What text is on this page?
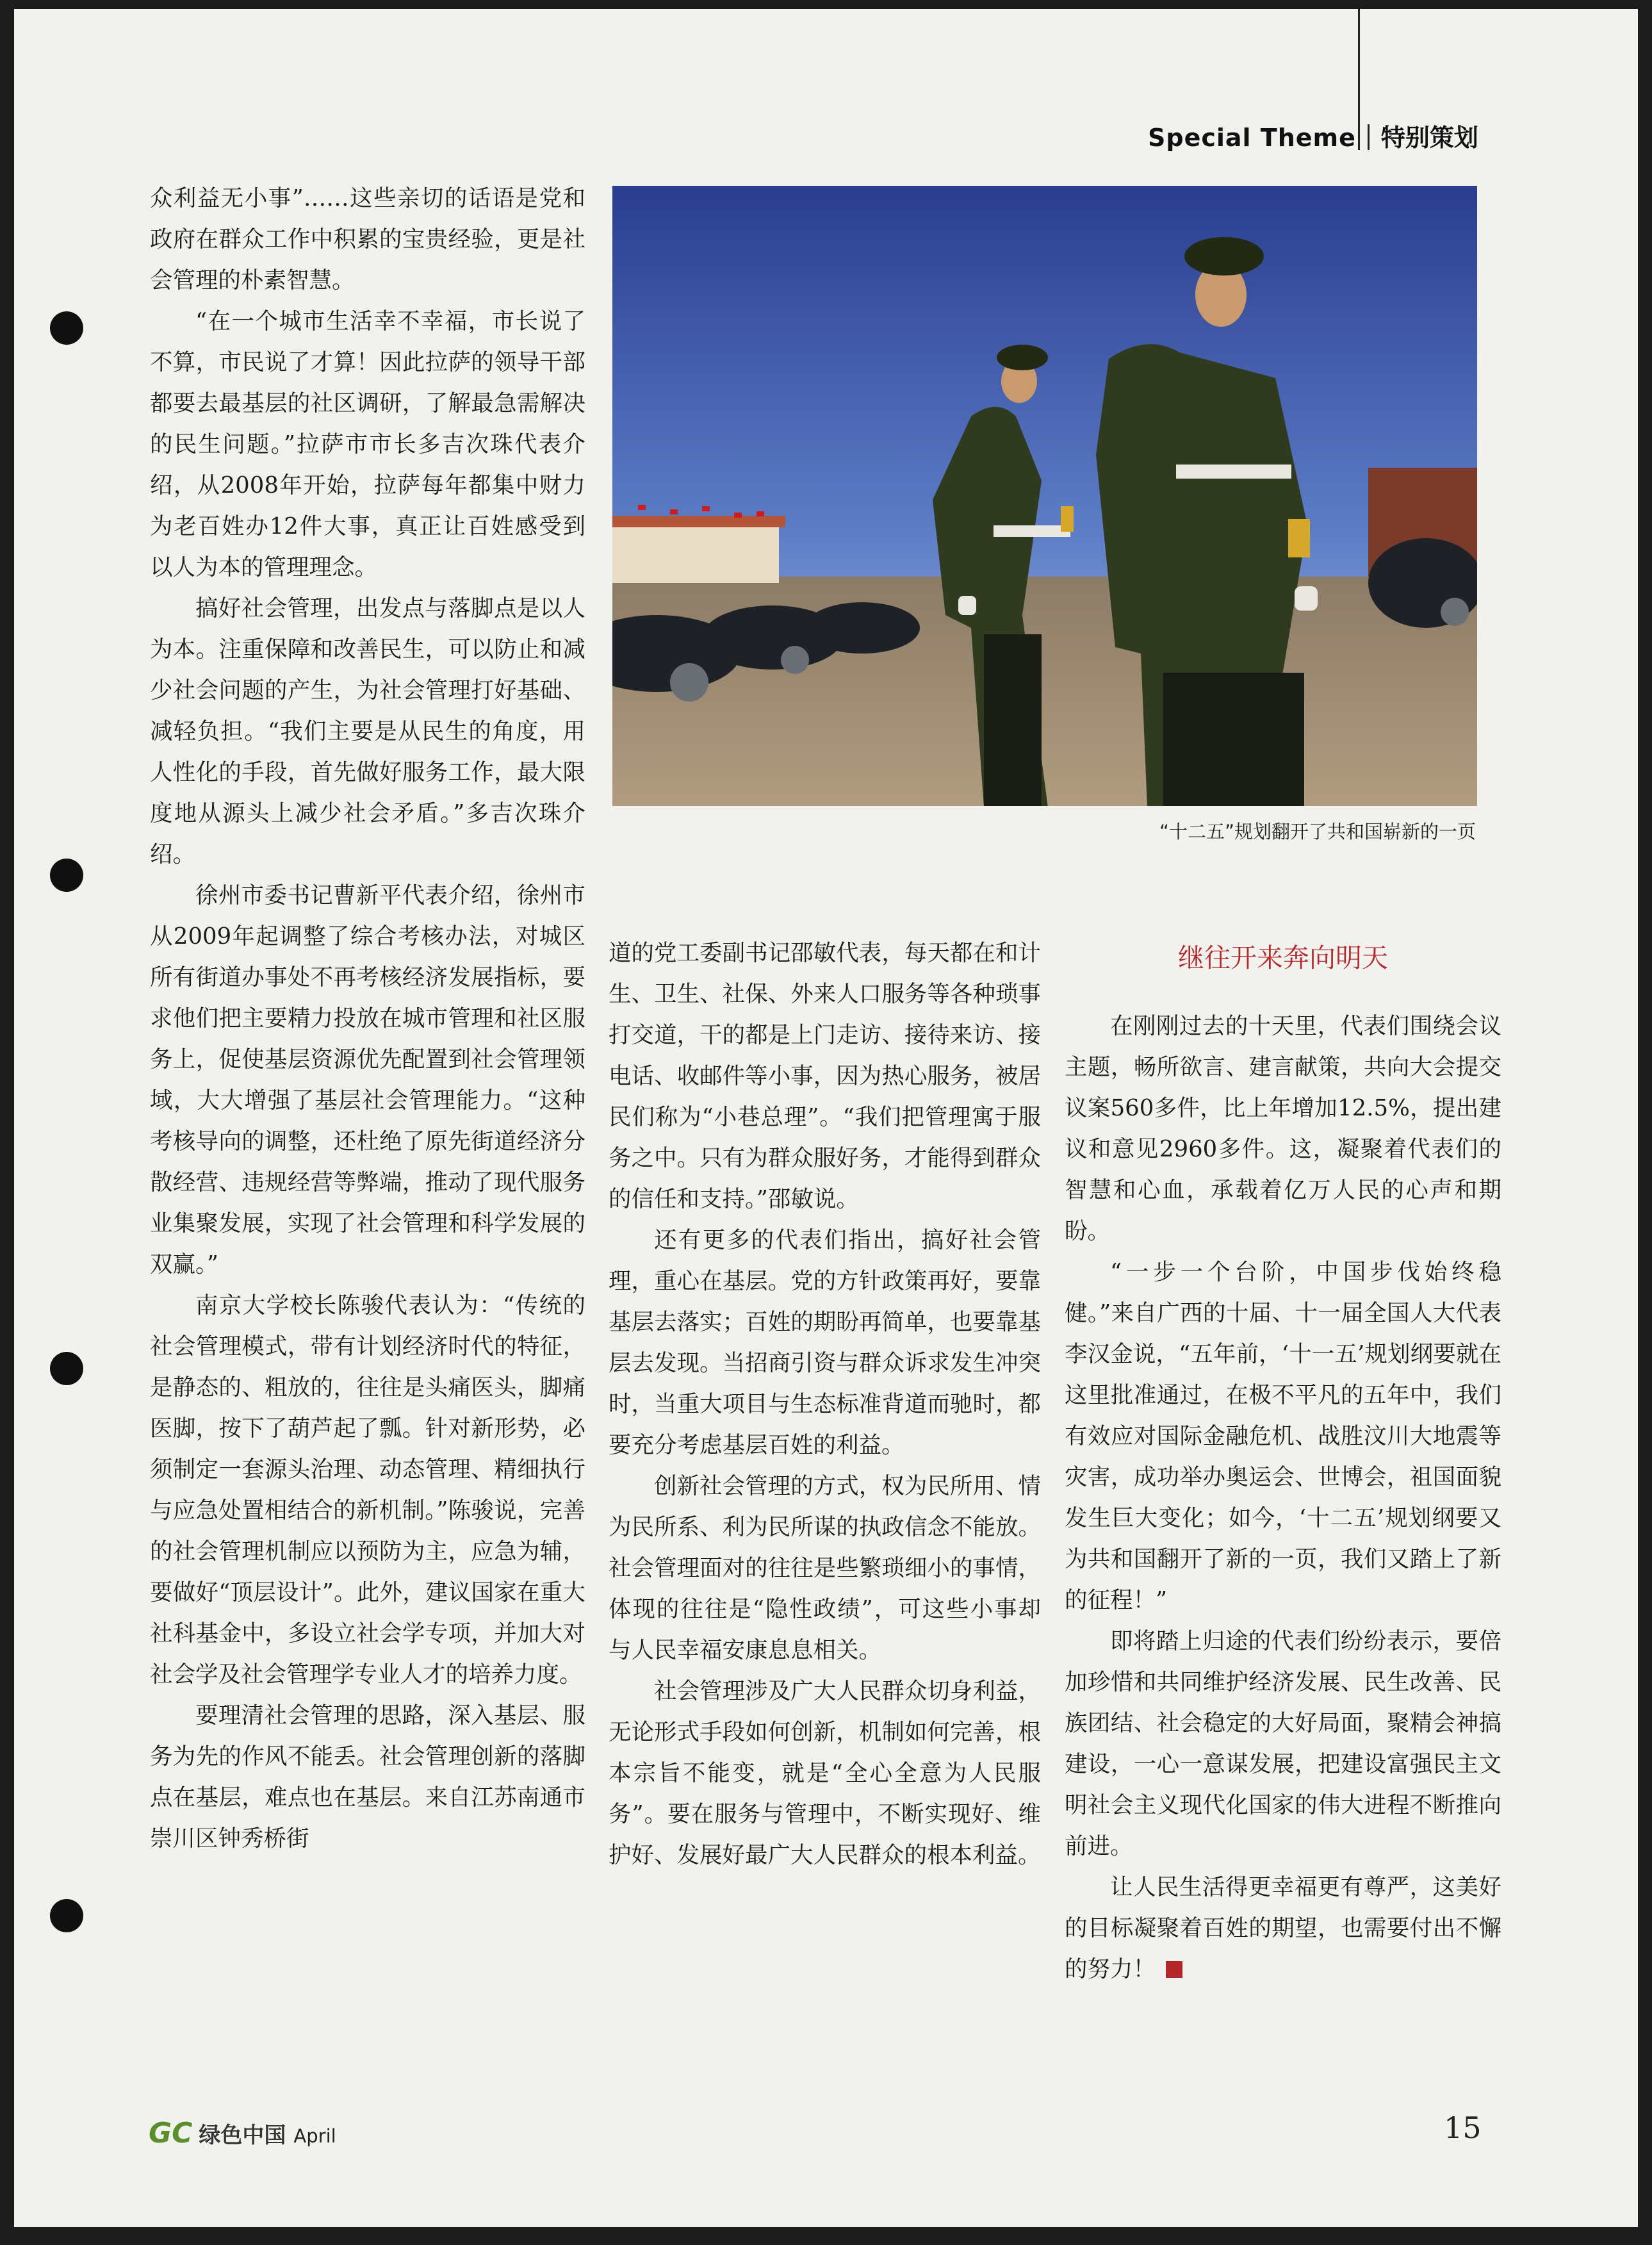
Special Theme 特别策划

众利益无小事”……这些亲切的话语是党和政府在群众工作中积累的宝贵经验，更是社会管理的朴素智慧。

“在一个城市生活幸不幸福，市长说了不算，市民说了才算！因此拉萨的领导干部都要去最基层的社区调研，了解最急需解决的民生问题。”拉萨市市长多吉次珠代表介绍，从2008年开始，拉萨每年都集中财力为老百姓办12件大事，真正让百姓感受到以人为本的管理理念。

搞好社会管理，出发点与落脚点是以人为本。注重保障和改善民生，可以防止和减少社会问题的产生，为社会管理打好基础、减轻负担。“我们主要是从民生的角度，用人性化的手段，首先做好服务工作，最大限度地从源头上减少社会矛盾。”多吉次珠介绍。

徐州市委书记曹新平代表介绍，徐州市从2009年起调整了综合考核办法，对城区所有街道办事处不再考核经济发展指标，要求他们把主要精力投放在城市管理和社区服务上，促使基层资源优先配置到社会管理领域，大大增强了基层社会管理能力。“这种考核导向的调整，还杜绝了原先街道经济分散经营、违规经营等弊端，推动了现代服务业集聚发展，实现了社会管理和科学发展的双赢。”

南京大学校长陈骏代表认为：“传统的社会管理模式，带有计划经济时代的特征，是静态的、粗放的，往往是头痛医头，脚痛医脚，按下了葫芦起了瓢。针对新形势，必须制定一套源头治理、动态管理、精细执行与应急处置相结合的新机制。”陈骏说，完善的社会管理机制应以预防为主，应急为辅，要做好“顶层设计”。此外，建议国家在重大社科基金中，多设立社会学专项，并加大对社会学及社会管理学专业人才的培养力度。

要理清社会管理的思路，深入基层、服务为先的作风不能丢。社会管理创新的落脚点在基层，难点也在基层。来自江苏南通市崇川区钟秀桥街

“十二五”规划翻开了共和国崭新的一页

道的党工委副书记邵敏代表，每天都在和计生、卫生、社保、外来人口服务等各种琐事打交道，干的都是上门走访、接待来访、接电话、收邮件等小事，因为热心服务，被居民们称为“小巷总理”。“我们把管理寓于服务之中。只有为群众服好务，才能得到群众的信任和支持。”邵敏说。

还有更多的代表们指出，搞好社会管理，重心在基层。党的方针政策再好，要靠基层去落实；百姓的期盼再简单，也要靠基层去发现。当招商引资与群众诉求发生冲突时，当重大项目与生态标准背道而驰时，都要充分考虑基层百姓的利益。

创新社会管理的方式，权为民所用、情为民所系、利为民所谋的执政信念不能放。社会管理面对的往往是些繁琐细小的事情，体现的往往是“隐性政绩”，可这些小事却与人民幸福安康息息相关。

社会管理涉及广大人民群众切身利益，无论形式手段如何创新，机制如何完善，根本宗旨不能变，就是“全心全意为人民服务”。要在服务与管理中，不断实现好、维护好、发展好最广大人民群众的根本利益。

继往开来奔向明天

在刚刚过去的十天里，代表们围绕会议主题，畅所欲言、建言献策，共向大会提交议案560多件，比上年增加12.5%，提出建议和意见2960多件。这，凝聚着代表们的智慧和心血，承载着亿万人民的心声和期盼。

“一步一个台阶，中国步伐始终稳健。”来自广西的十届、十一届全国人大代表李汉金说，“五年前，‘十一五’规划纲要就在这里批准通过，在极不平凡的五年中，我们有效应对国际金融危机、战胜汶川大地震等灾害，成功举办奥运会、世博会，祖国面貌发生巨大变化；如今，‘十二五’规划纲要又为共和国翻开了新的一页，我们又踏上了新的征程！”

即将踏上归途的代表们纷纷表示，要倍加珍惜和共同维护经济发展、民生改善、民族团结、社会稳定的大好局面，聚精会神搞建设，一心一意谋发展，把建设富强民主文明社会主义现代化国家的伟大进程不断推向前进。

让人民生活得更幸福更有尊严，这美好的目标凝聚着百姓的期望，也需要付出不懈的努力！

GC 绿色中国 April	15
